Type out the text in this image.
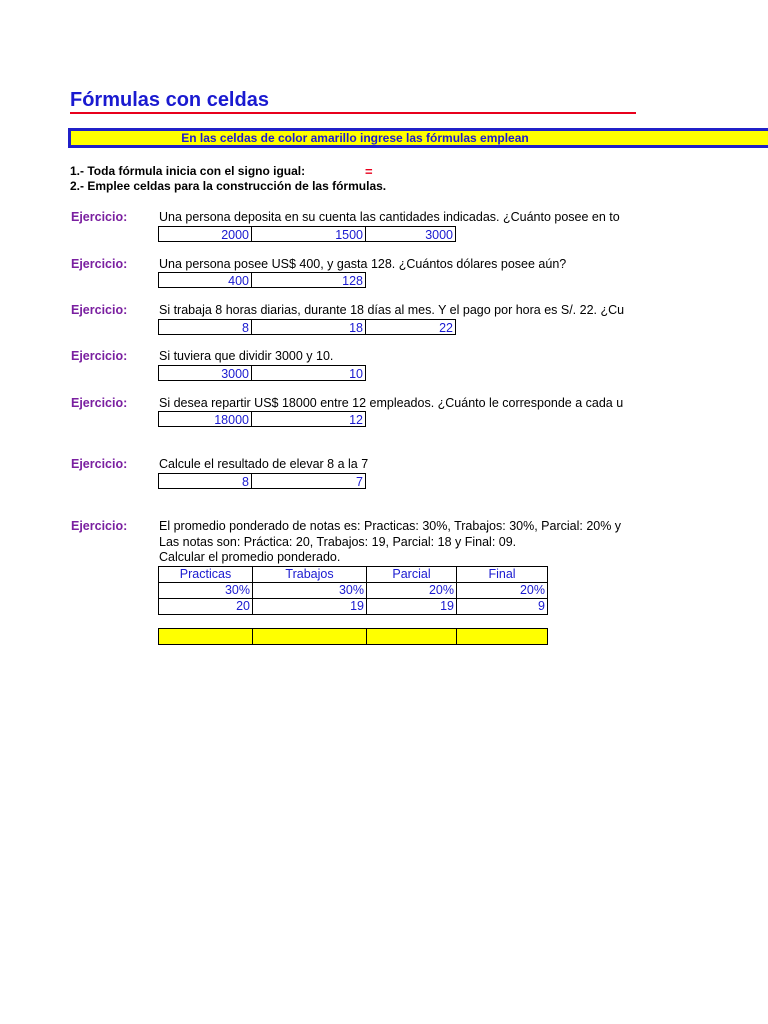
Fórmulas con celdas
En las celdas de color amarillo ingrese las fórmulas emplean
1.- Toda fórmula inicia con el signo igual:	=
2.- Emplee celdas para la construcción de las fórmulas.
Ejercicio:	Una persona deposita en su cuenta las cantidades indicadas. ¿Cuánto posee en to
2000	1500	3000
Ejercicio:	Una persona posee US$ 400, y gasta 128. ¿Cuántos dólares posee aún?
400	128
Ejercicio:	Si trabaja 8 horas diarias, durante 18 días al mes. Y el pago por hora es S/. 22. ¿Cu
8	18	22
Ejercicio:	Si tuviera que dividir 3000 y 10.
3000	10
Ejercicio:	Si desea repartir US$ 18000 entre 12 empleados. ¿Cuánto le corresponde a cada u
18000	12
Ejercicio:	Calcule el resultado de elevar 8 a la 7
8	7
Ejercicio:	El promedio ponderado de notas es: Practicas: 30%, Trabajos: 30%, Parcial: 20% y
Las notas son: Práctica: 20, Trabajos: 19, Parcial: 18 y Final: 09.
Calcular el promedio ponderado.
Practicas	Trabajos	Parcial	Final
30%	30%	20%	20%
20	19	19	9
